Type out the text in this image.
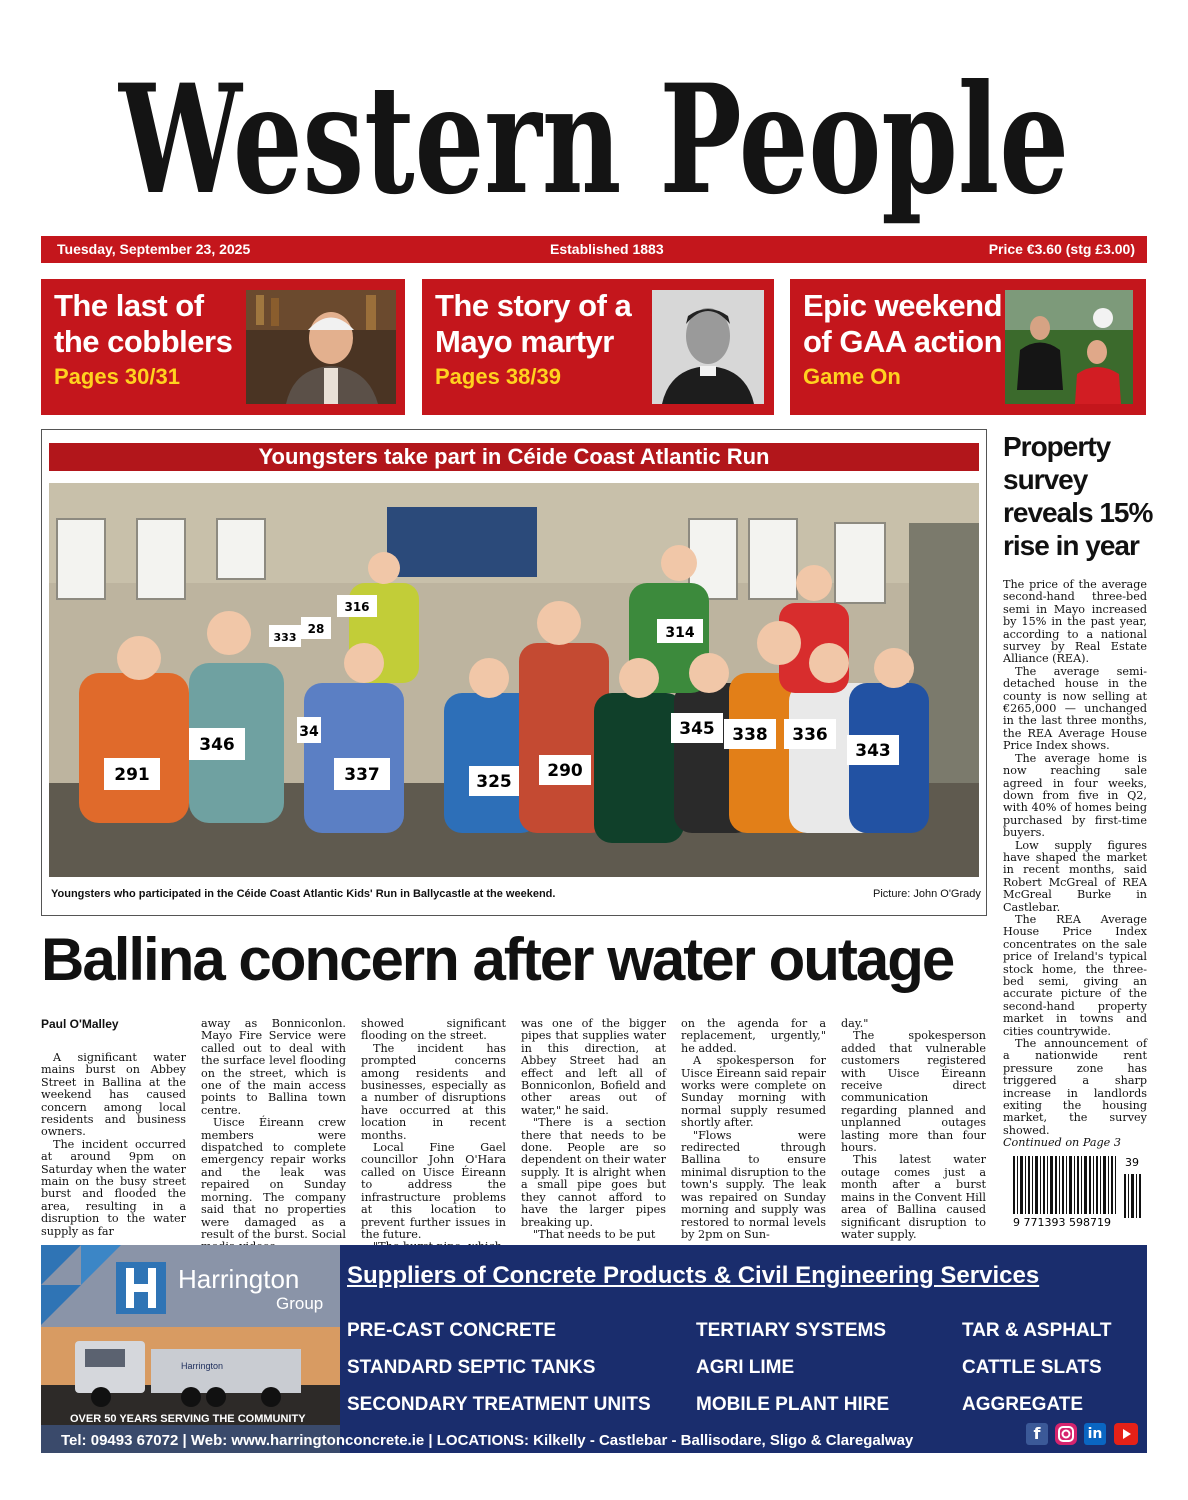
Western People
Tuesday, September 23, 2025	Established 1883	Price €3.60 (stg £3.00)
The last of
the cobblers
Pages 30/31
The story of a
Mayo martyr
Pages 38/39
Epic weekend
of GAA action
Game On
Youngsters take part in Céide Coast Atlantic Run
291
346
337	325
290
345 338 336
343
314
316
28
333
34
Youngsters who participated in the Céide Coast Atlantic Kids' Run in Ballycastle at the weekend.	Picture: John O'Grady
Ballina concern after water outage
Paul O'Malley

A significant water mains burst on Abbey Street in Ballina at the weekend has caused concern among local residents and business owners.

The incident occurred at around 9pm on Saturday when the water main on the busy street burst and flooded the area, resulting in a disruption to the water supply as far

away as Bonniconlon. Mayo Fire Service were called out to deal with the surface level flooding on the street, which is one of the main access points to Ballina town centre.

Uisce Éireann crew members were dispatched to complete emergency repair works and the leak was repaired on Sunday morning. The company said that no properties were damaged as a result of the burst. Social

showed significant flooding on the street.

The incident has prompted concerns among residents and businesses, especially as a number of disruptions have occurred at this location in recent months.

Local Fine Gael councillor John O'Hara called on Uisce Éireann to address the infrastructure problems at this location to prevent further issues in the future.

was one of the bigger pipes that supplies water in this direction, at Abbey Street had an effect and left all of Bonniconlon, Bofield and other areas out of water," he said.

"There is a section there that needs to be done. People are so dependent on their water supply. It is alright when a small pipe goes but they cannot afford to have the larger pipes breaking up.

"That needs to be put

on the agenda for a replacement, urgently," he added.

A spokesperson for Uisce Éireann said repair works were complete on Sunday morning with normal supply resumed shortly after.

"Flows were redirected through Ballina to ensure minimal disruption to the town's supply. The leak was repaired on Sunday morning and supply was restored to normal levels by 2pm on Sun-

day."

The spokesperson added that vulnerable customers registered with Uisce Éireann receive direct communication regarding planned and unplanned outages lasting more than four hours.

This latest water outage comes just a month after a burst mains in the Convent Hill area of Ballina caused significant disruption to water supply.

Property survey reveals 15% rise in year

The price of the average second-hand three-bed semi in Mayo increased by 15% in the past year, according to a national survey by Real Estate Alliance (REA).

The average semi-detached house in the county is now selling at €265,000 — unchanged in the last three months, the REA Average House Price Index shows.

The average home is now reaching sale agreed in four weeks, down from five in Q2, with 40% of homes being purchased by first-time buyers.

Low supply figures have shaped the market in recent months, said Robert McGreal of REA McGreal Burke in Castlebar.

The REA Average House Price Index concentrates on the sale price of Ireland's typical stock home, the three-bed semi, giving an accurate picture of the second-hand property market in towns and cities countrywide.

The announcement of a nationwide rent pressure zone has triggered a sharp increase in landlords exiting the housing market, the survey showed.

Continued on Page 3

39
9 771393 598719
Harrington
Harrington
Group
Suppliers of Concrete Products & Civil Engineering Services
PRE-CAST CONCRETE
STANDARD SEPTIC TANKS
SECONDARY TREATMENT UNITS
TERTIARY SYSTEMS
AGRI LIME
MOBILE PLANT HIRE
TAR & ASPHALT
CATTLE SLATS
AGGREGATE
OVER 50 YEARS SERVING THE COMMUNITY
Tel: 09493 67072 | Web: www.harringtonconcrete.ie | LOCATIONS: Kilkelly - Castlebar - Ballisodare, Sligo & Claregalway	f	in
